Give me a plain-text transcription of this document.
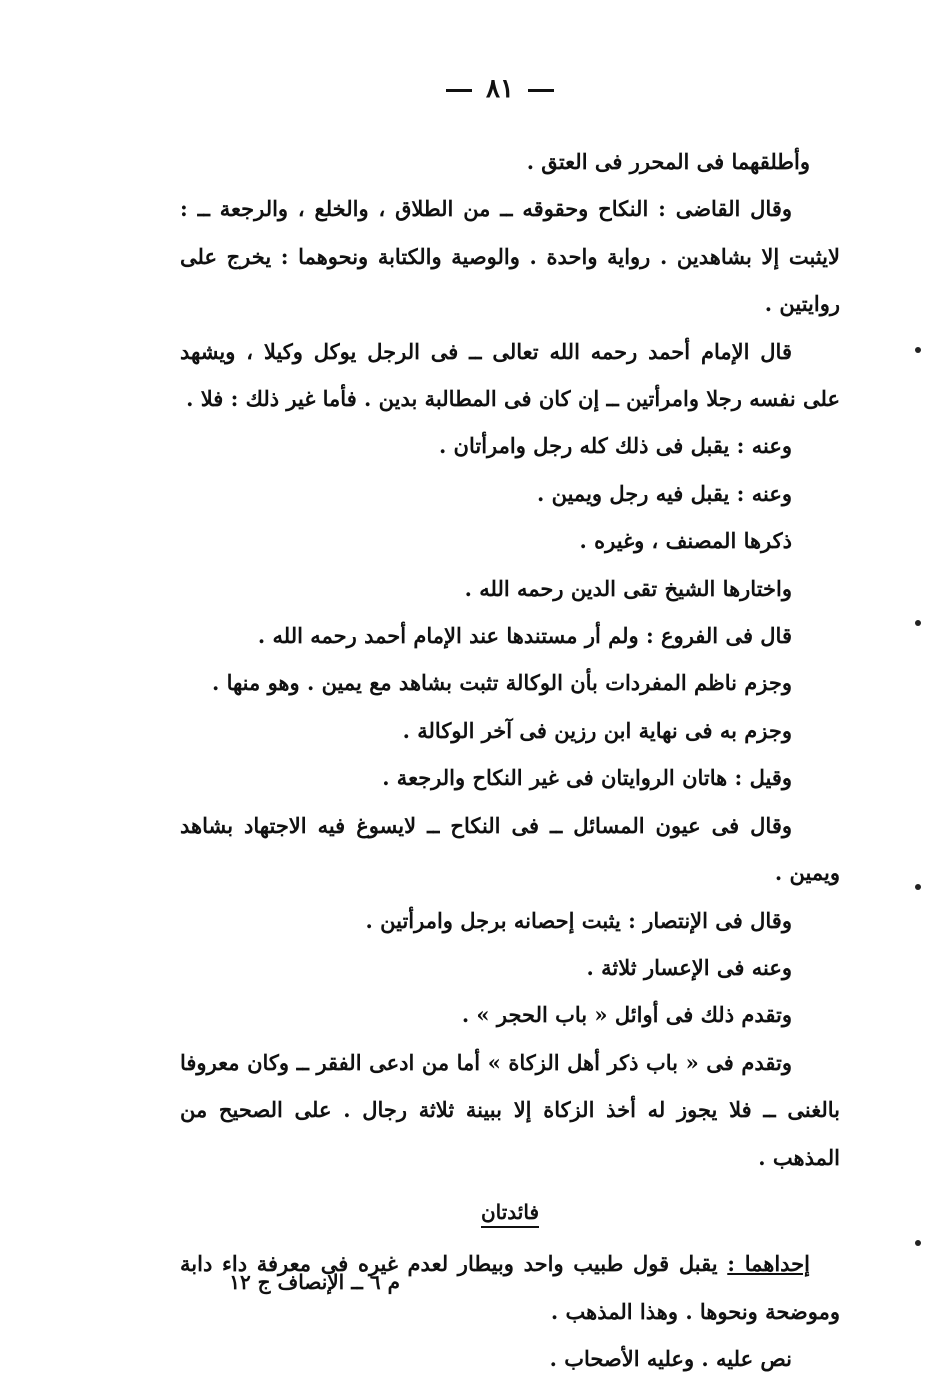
٨١

وأطلقهما فى المحرر فى العتق .

وقال القاضى : النكاح وحقوقه ــ من الطلاق ، والخلع ، والرجعة ــ : لايثبت إلا بشاهدين . رواية واحدة . والوصية والكتابة ونحوهما : يخرج على روايتين .

قال الإمام أحمد رحمه الله تعالى ــ فى الرجل يوكل وكيلا ، ويشهد على نفسه رجلا وامرأتين ــ إن كان فى المطالبة بدين . فأما غير ذلك : فلا .

وعنه : يقبل فى ذلك كله رجل وامرأتان .

وعنه : يقبل فيه رجل ويمين .

ذكرها المصنف ، وغيره .

واختارها الشيخ تقى الدين رحمه الله .

قال فى الفروع : ولم أر مستندها عند الإمام أحمد رحمه الله .

وجزم ناظم المفردات بأن الوكالة تثبت بشاهد مع يمين . وهو منها .

وجزم به فى نهاية ابن رزين فى آخر الوكالة .

وقيل : هاتان الروايتان فى غير النكاح والرجعة .

وقال فى عيون المسائل ــ فى النكاح ــ لايسوغ فيه الاجتهاد بشاهد ويمين .

وقال فى الإنتصار : يثبت إحصانه برجل وامرأتين .

وعنه فى الإعسار ثلاثة .

وتقدم ذلك فى أوائل « باب الحجر » .

وتقدم فى « باب ذكر أهل الزكاة » أما من ادعى الفقر ــ وكان معروفا بالغنى ــ فلا يجوز له أخذ الزكاة إلا ببينة ثلاثة رجال . على الصحيح من المذهب .

فائدتان

إحداهما : يقبل قول طبيب واحد وبيطار لعدم غيره فى معرفة داء دابة وموضحة ونحوها . وهذا المذهب .

نص عليه . وعليه الأصحاب .

م ٦ ــ الإنصاف ج ١٢
